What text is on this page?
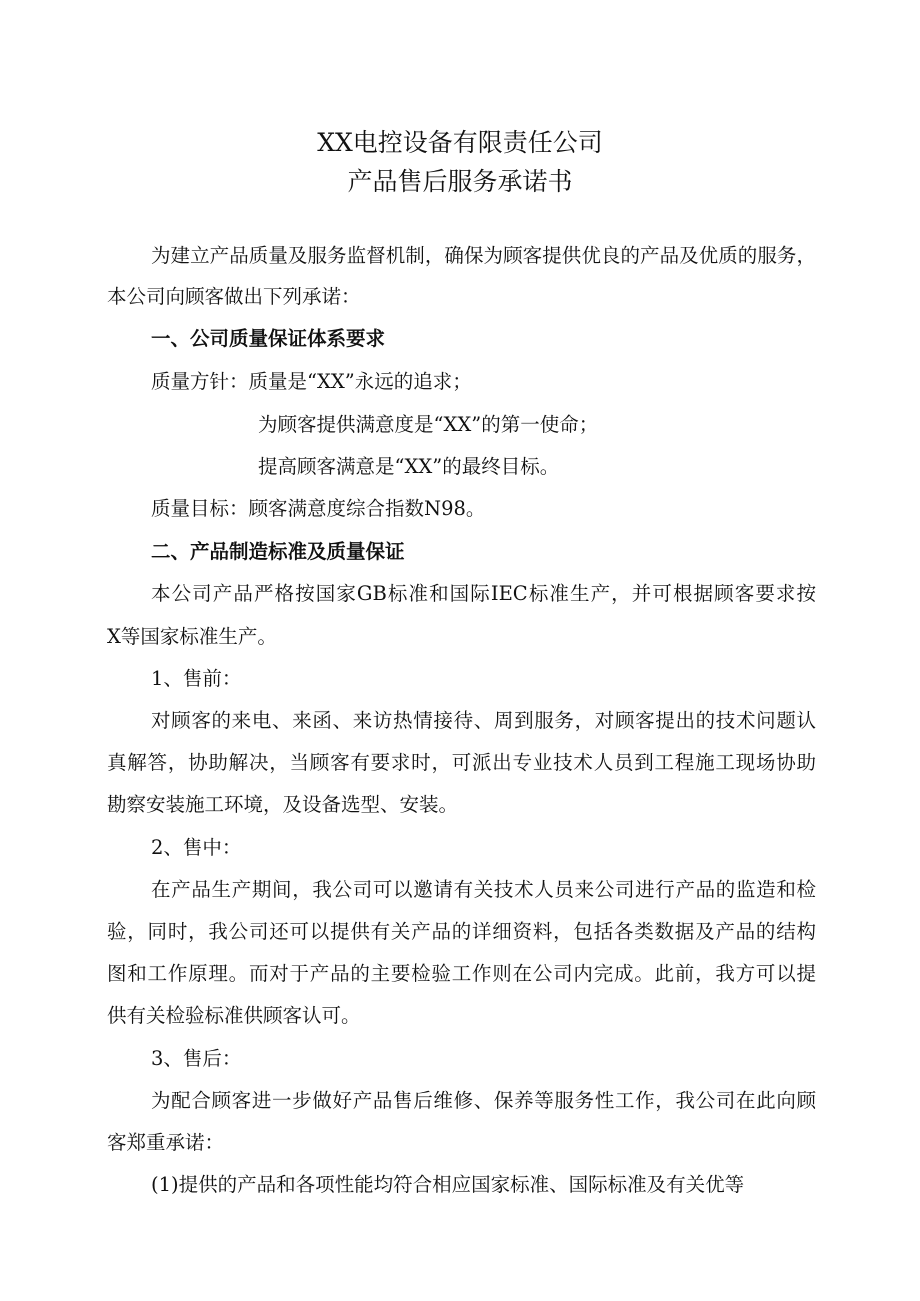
XX电控设备有限责任公司
产品售后服务承诺书
为建立产品质量及服务监督机制，确保为顾客提供优良的产品及优质的服务，
本公司向顾客做出下列承诺：
一、公司质量保证体系要求
质量方针：质量是“XX”永远的追求；
为顾客提供满意度是“XX”的第一使命；
提高顾客满意是“XX”的最终目标。
质量目标：顾客满意度综合指数N98。
二、产品制造标准及质量保证
本公司产品严格按国家GB标准和国际IEC标准生产，并可根据顾客要求按
X等国家标准生产。
1、售前：
对顾客的来电、来函、来访热情接待、周到服务，对顾客提出的技术问题认
真解答，协助解决，当顾客有要求时，可派出专业技术人员到工程施工现场协助
勘察安装施工环境，及设备选型、安装。
2、售中：
在产品生产期间，我公司可以邀请有关技术人员来公司进行产品的监造和检
验，同时，我公司还可以提供有关产品的详细资料，包括各类数据及产品的结构
图和工作原理。而对于产品的主要检验工作则在公司内完成。此前，我方可以提
供有关检验标准供顾客认可。
3、售后：
为配合顾客进一步做好产品售后维修、保养等服务性工作，我公司在此向顾
客郑重承诺：
(1)提供的产品和各项性能均符合相应国家标准、国际标准及有关优等
